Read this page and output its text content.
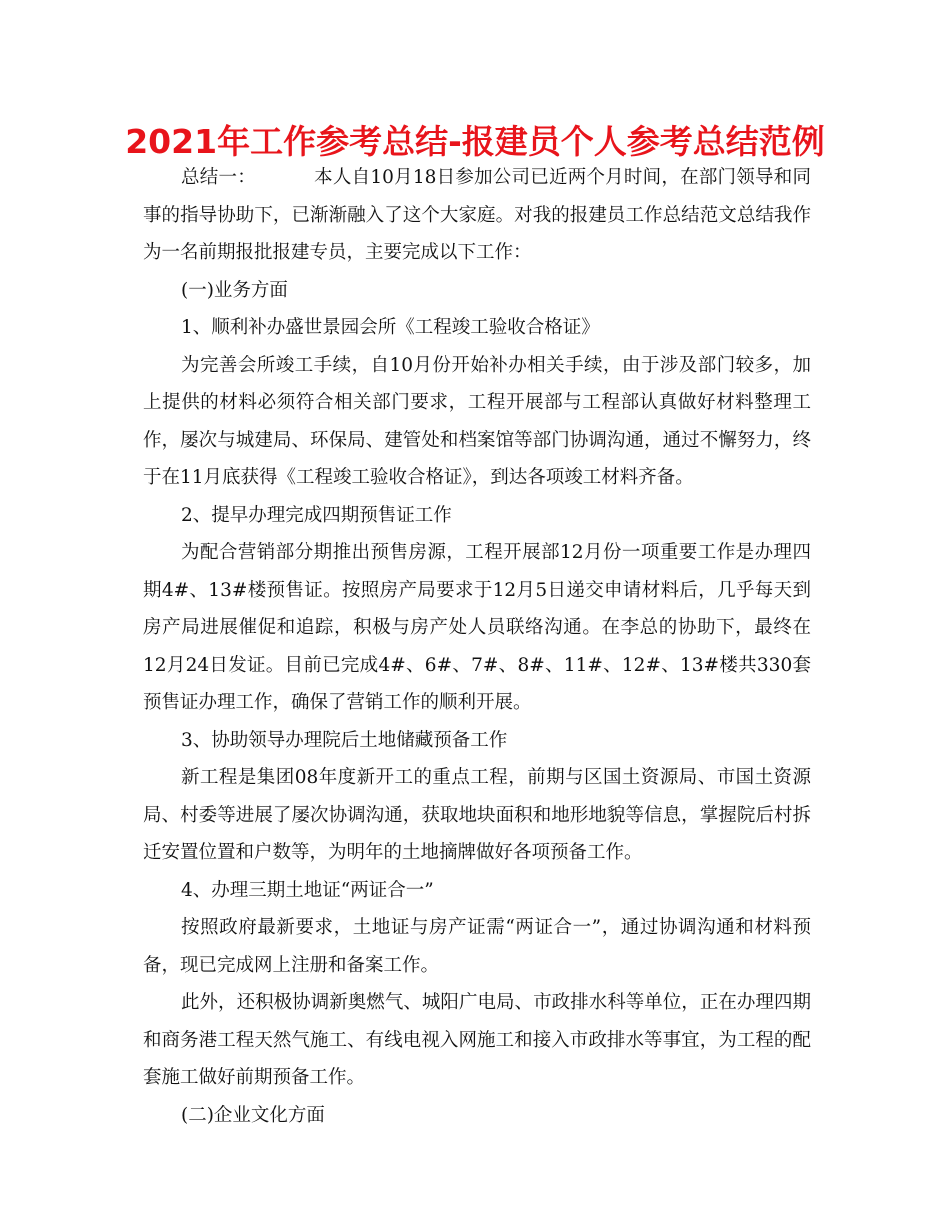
2021年工作参考总结-报建员个人参考总结范例

总结一：	本人自10月18日参加公司已近两个月时间，在部门领导和同事的指导协助下，已渐渐融入了这个大家庭。对我的报建员工作总结范文总结我作为一名前期报批报建专员，主要完成以下工作：

(一)业务方面

1、顺利补办盛世景园会所《工程竣工验收合格证》

为完善会所竣工手续，自10月份开始补办相关手续，由于涉及部门较多，加上提供的材料必须符合相关部门要求，工程开展部与工程部认真做好材料整理工作，屡次与城建局、环保局、建管处和档案馆等部门协调沟通，通过不懈努力，终于在11月底获得《工程竣工验收合格证》，到达各项竣工材料齐备。

2、提早办理完成四期预售证工作

为配合营销部分期推出预售房源，工程开展部12月份一项重要工作是办理四期4#、13#楼预售证。按照房产局要求于12月5日递交申请材料后，几乎每天到房产局进展催促和追踪，积极与房产处人员联络沟通。在李总的协助下，最终在12月24日发证。目前已完成4#、6#、7#、8#、11#、12#、13#楼共330套预售证办理工作，确保了营销工作的顺利开展。

3、协助领导办理院后土地储藏预备工作

新工程是集团08年度新开工的重点工程，前期与区国土资源局、市国土资源局、村委等进展了屡次协调沟通，获取地块面积和地形地貌等信息，掌握院后村拆迁安置位置和户数等，为明年的土地摘牌做好各项预备工作。

4、办理三期土地证“两证合一”

按照政府最新要求，土地证与房产证需“两证合一”，通过协调沟通和材料预备，现已完成网上注册和备案工作。

此外，还积极协调新奥燃气、城阳广电局、市政排水科等单位，正在办理四期和商务港工程天然气施工、有线电视入网施工和接入市政排水等事宜，为工程的配套施工做好前期预备工作。

(二)企业文化方面
